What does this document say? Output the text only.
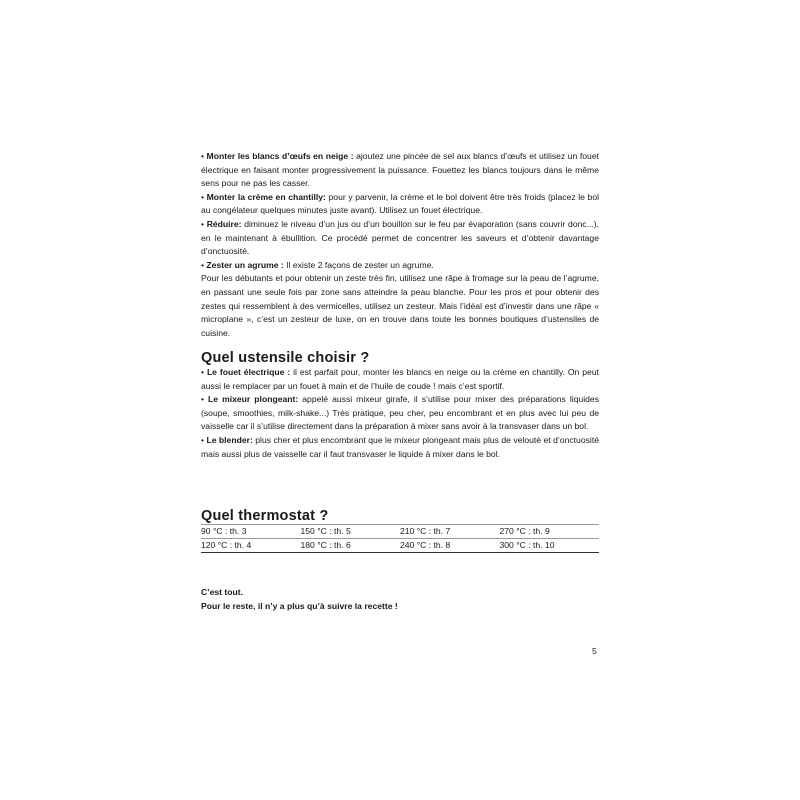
• Monter les blancs d’œufs en neige : ajoutez une pincée de sel aux blancs d’œufs et utilisez un fouet électrique en faisant monter progressivement la puissance. Fouettez les blancs toujours dans le même sens pour ne pas les casser.

• Monter la crème en chantilly: pour y parvenir, la crème et le bol doivent être très froids (placez le bol au congélateur quelques minutes juste avant). Utilisez un fouet électrique.

• Réduire: diminuez le niveau d’un jus ou d’un bouillon sur le feu par évaporation (sans couvrir donc...), en le maintenant à ébullition. Ce procédé permet de concentrer les saveurs et d’obtenir davantage d’onctuosité.

• Zester un agrume : Il existe 2 façons de zester un agrume.

Pour les débutants et pour obtenir un zeste très fin, utilisez une râpe à fromage sur la peau de l’agrume, en passant une seule fois par zone sans atteindre la peau blanche. Pour les pros et pour obtenir des zestes qui ressemblent à des vermicelles, utilisez un zesteur. Mais l’idéal est d’investir dans une râpe « microplane », c’est un zesteur de luxe, on en trouve dans toute les bonnes boutiques d’ustensiles de cuisine.

Quel ustensile choisir ?

• Le fouet électrique : il est parfait pour, monter les blancs en neige ou la crème en chantilly. On peut aussi le remplacer par un fouet à main et de l’huile de coude ! mais c’est sportif.

• Le mixeur plongeant: appelé aussi mixeur girafe, il s’utilise pour mixer des préparations liquides (soupe, smoothies, milk-shake...) Très pratique, peu cher, peu encombrant et en plus avec lui peu de vaisselle car il s’utilise directement dans la préparation à mixer sans avoir à la transvaser dans un bol.

• Le blender: plus cher et plus encombrant que le mixeur plongeant mais plus de velouté et d’onctuosité mais aussi plus de vaisselle car il faut transvaser le liquide à mixer dans le bol.

Quel thermostat ?
90 °C : th. 3	150 °C : th. 5	210 °C : th. 7	270 °C : th. 9
120 °C : th. 4	180 °C : th. 6	240 °C : th. 8	300 °C : th. 10
C’est tout.
Pour le reste, il n’y a plus qu’à suivre la recette !
5
